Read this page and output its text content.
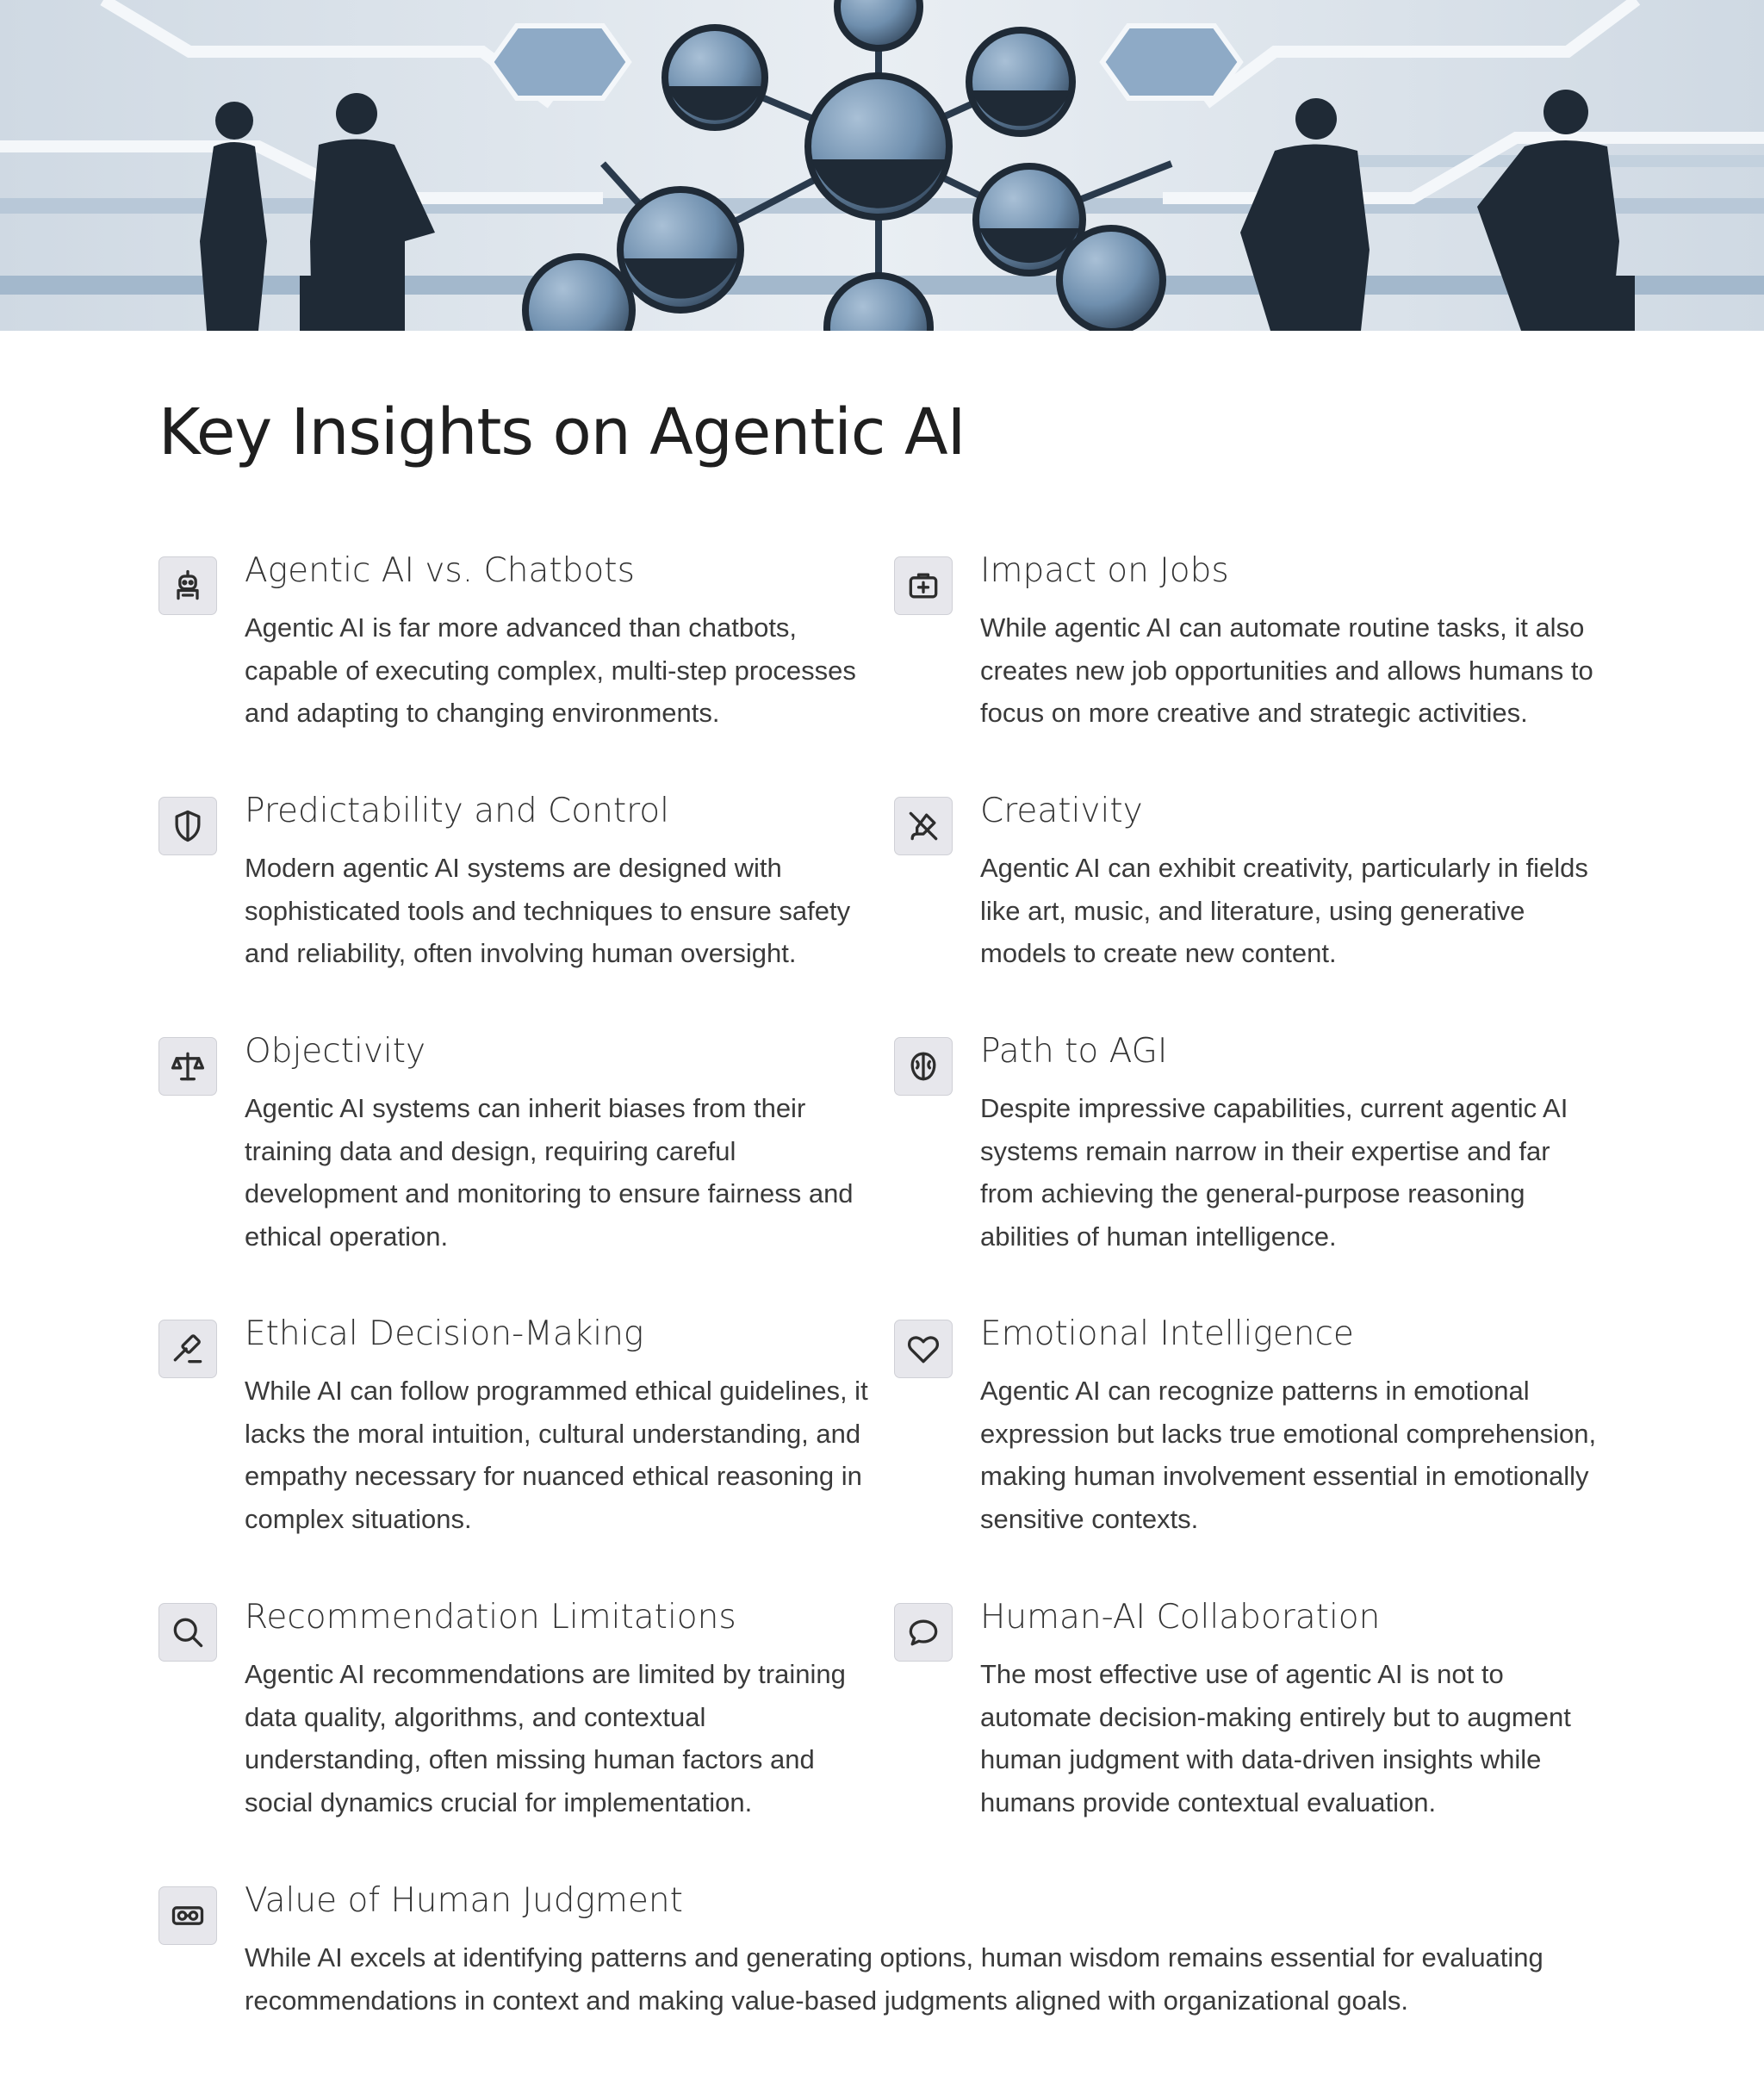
Key Insights on Agentic AI
Agentic AI vs. Chatbots

Agentic AI is far more advanced than chatbots, capable of executing complex, multi-step processes and adapting to changing environments.

Impact on Jobs

While agentic AI can automate routine tasks, it also creates new job opportunities and allows humans to focus on more creative and strategic activities.

Predictability and Control

Modern agentic AI systems are designed with sophisticated tools and techniques to ensure safety and reliability, often involving human oversight.

Creativity

Agentic AI can exhibit creativity, particularly in fields like art, music, and literature, using generative models to create new content.

Objectivity

Agentic AI systems can inherit biases from their training data and design, requiring careful development and monitoring to ensure fairness and ethical operation.

Path to AGI

Despite impressive capabilities, current agentic AI systems remain narrow in their expertise and far from achieving the general-purpose reasoning abilities of human intelligence.

Ethical Decision-Making

While AI can follow programmed ethical guidelines, it lacks the moral intuition, cultural understanding, and empathy necessary for nuanced ethical reasoning in complex situations.

Emotional Intelligence

Agentic AI can recognize patterns in emotional expression but lacks true emotional comprehension, making human involvement essential in emotionally sensitive contexts.

Recommendation Limitations

Agentic AI recommendations are limited by training data quality, algorithms, and contextual understanding, often missing human factors and social dynamics crucial for implementation.

Human-AI Collaboration

The most effective use of agentic AI is not to automate decision-making entirely but to augment human judgment with data-driven insights while humans provide contextual evaluation.

Value of Human Judgment

While AI excels at identifying patterns and generating options, human wisdom remains essential for evaluating recommendations in context and making value-based judgments aligned with organizational goals.
